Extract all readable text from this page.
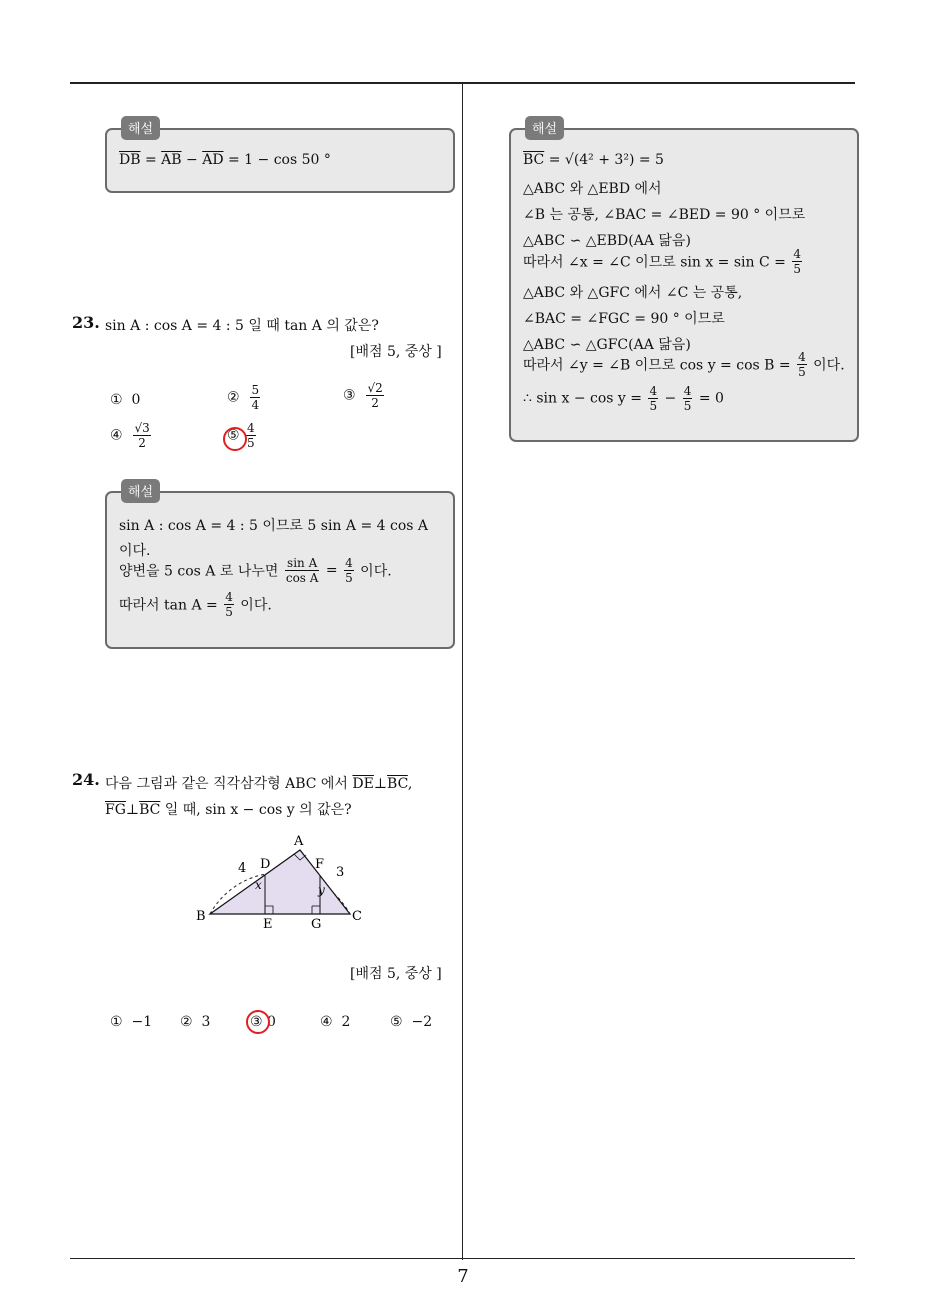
해설
$\overline{DB} = \overline{AB} - \overline{AD} = 1 - \cos 50$ °
23. sin A : cos A = 4 : 5 일 때 tan A 의 값은?
[배점 5, 중상 ]
① 0	② $\frac{5}{4}$	③ $\frac{√2}{2}$
④ $\frac{√3}{2}$	⑤ $\frac{4}{5}$
해설
sin A : cos A = 4 : 5 이므로 5 sin A = 4 cos A
이다.
양변을 5 cos A 로 나누면 $\frac{\text{sin A}}{\text{cos A}} = \frac{4}{5}$ 이다.
따라서 $\tan A = \frac{4}{5}$ 이다.
24. 다음 그림과 같은 직각삼각형 ABC 에서 $\overline{DE}\perp\overline{BC}$,
$\overline{FG}\perp\overline{BC}$ 일 때, sin x − cos y 의 값은?
A
B	C
D
E
F
G
4	3
x	y
[배점 5, 중상 ]
① −1 ② 3	③ 0	④ 2	⑤ −2
해설
$\overline{BC} = √(4^2 + 3^2) = 5$
△ABC 와 △EBD 에서
∠B 는 공통, ∠BAC = ∠BED = 90 ° 이므로
△ABC ∽ △EBD(AA 닮음)
따라서 ∠x = ∠C 이므로 $\sin x = \sin C = \frac{4}{5}$
△ABC 와 △GFC 에서 ∠C 는 공통,
∠BAC = ∠FGC = 90 ° 이므로
△ABC ∽ △GFC(AA 닮음)
따라서 ∠y = ∠B 이므로 $\cos y = \cos B = \frac{4}{5}$ 이다.
∴ $\sin x - \cos y = \frac{4}{5} - \frac{4}{5} = 0$
7
